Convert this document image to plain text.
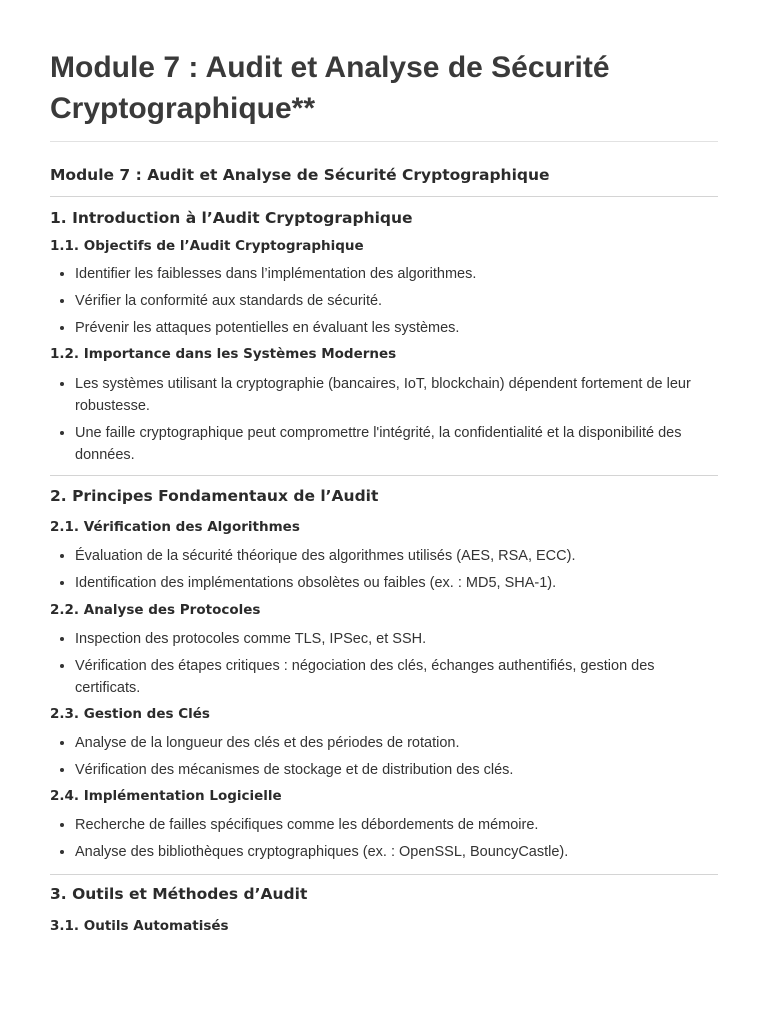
Module 7 : Audit et Analyse de Sécurité Cryptographique**
Module 7 : Audit et Analyse de Sécurité Cryptographique
1. Introduction à l’Audit Cryptographique
1.1. Objectifs de l’Audit Cryptographique
• Identifier les faiblesses dans l’implémentation des algorithmes.
• Vérifier la conformité aux standards de sécurité.
• Prévenir les attaques potentielles en évaluant les systèmes.
1.2. Importance dans les Systèmes Modernes
• Les systèmes utilisant la cryptographie (bancaires, IoT, blockchain) dépendent fortement de leur robustesse.
• Une faille cryptographique peut compromettre l'intégrité, la confidentialité et la disponibilité des données.
2. Principes Fondamentaux de l’Audit
2.1. Vérification des Algorithmes
• Évaluation de la sécurité théorique des algorithmes utilisés (AES, RSA, ECC).
• Identification des implémentations obsolètes ou faibles (ex. : MD5, SHA-1).
2.2. Analyse des Protocoles
• Inspection des protocoles comme TLS, IPSec, et SSH.
• Vérification des étapes critiques : négociation des clés, échanges authentifiés, gestion des certificats.
2.3. Gestion des Clés
• Analyse de la longueur des clés et des périodes de rotation.
• Vérification des mécanismes de stockage et de distribution des clés.
2.4. Implémentation Logicielle
• Recherche de failles spécifiques comme les débordements de mémoire.
• Analyse des bibliothèques cryptographiques (ex. : OpenSSL, BouncyCastle).
3. Outils et Méthodes d’Audit
3.1. Outils Automatisés
